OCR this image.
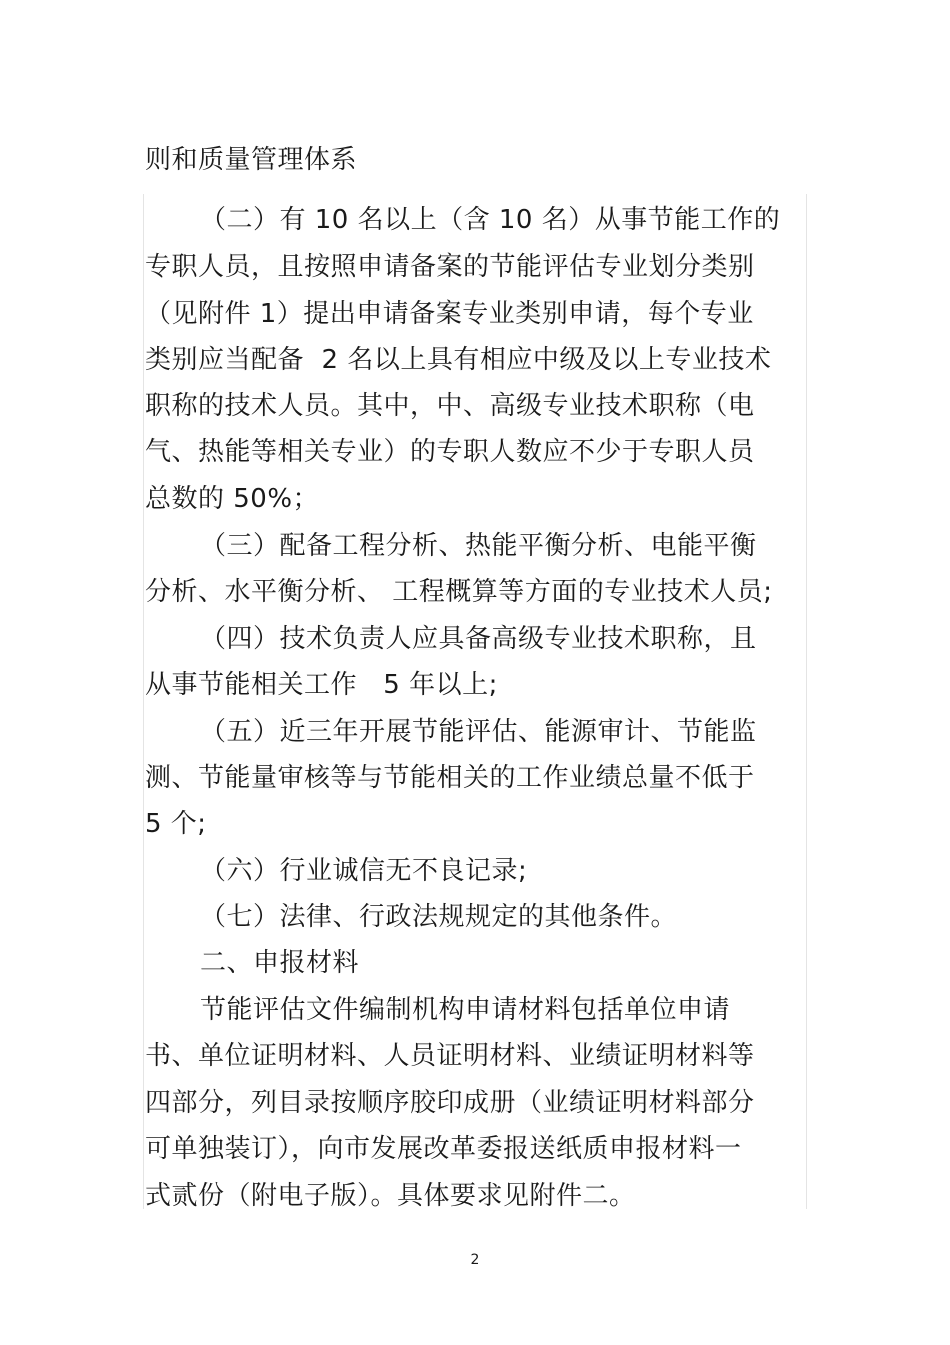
则和质量管理体系
（二）有 10 名以上（含 10 名）从事节能工作的
专职人员，且按照申请备案的节能评估专业划分类别
（见附件 1）提出申请备案专业类别申请，每个专业
类别应当配备  2 名以上具有相应中级及以上专业技术
职称的技术人员。其中，中、高级专业技术职称（电
气、热能等相关专业）的专职人数应不少于专职人员
总数的 50%；
（三）配备工程分析、热能平衡分析、电能平衡
分析、水平衡分析、 工程概算等方面的专业技术人员;
（四）技术负责人应具备高级专业技术职称，且
从事节能相关工作   5 年以上;
（五）近三年开展节能评估、能源审计、节能监
测、节能量审核等与节能相关的工作业绩总量不低于
5 个;
（六）行业诚信无不良记录;
（七）法律、行政法规规定的其他条件。
二、申报材料
节能评估文件编制机构申请材料包括单位申请
书、单位证明材料、人员证明材料、业绩证明材料等
四部分，列目录按顺序胶印成册（业绩证明材料部分
可单独装订），向市发展改革委报送纸质申报材料一
式贰份（附电子版）。具体要求见附件二。
2
